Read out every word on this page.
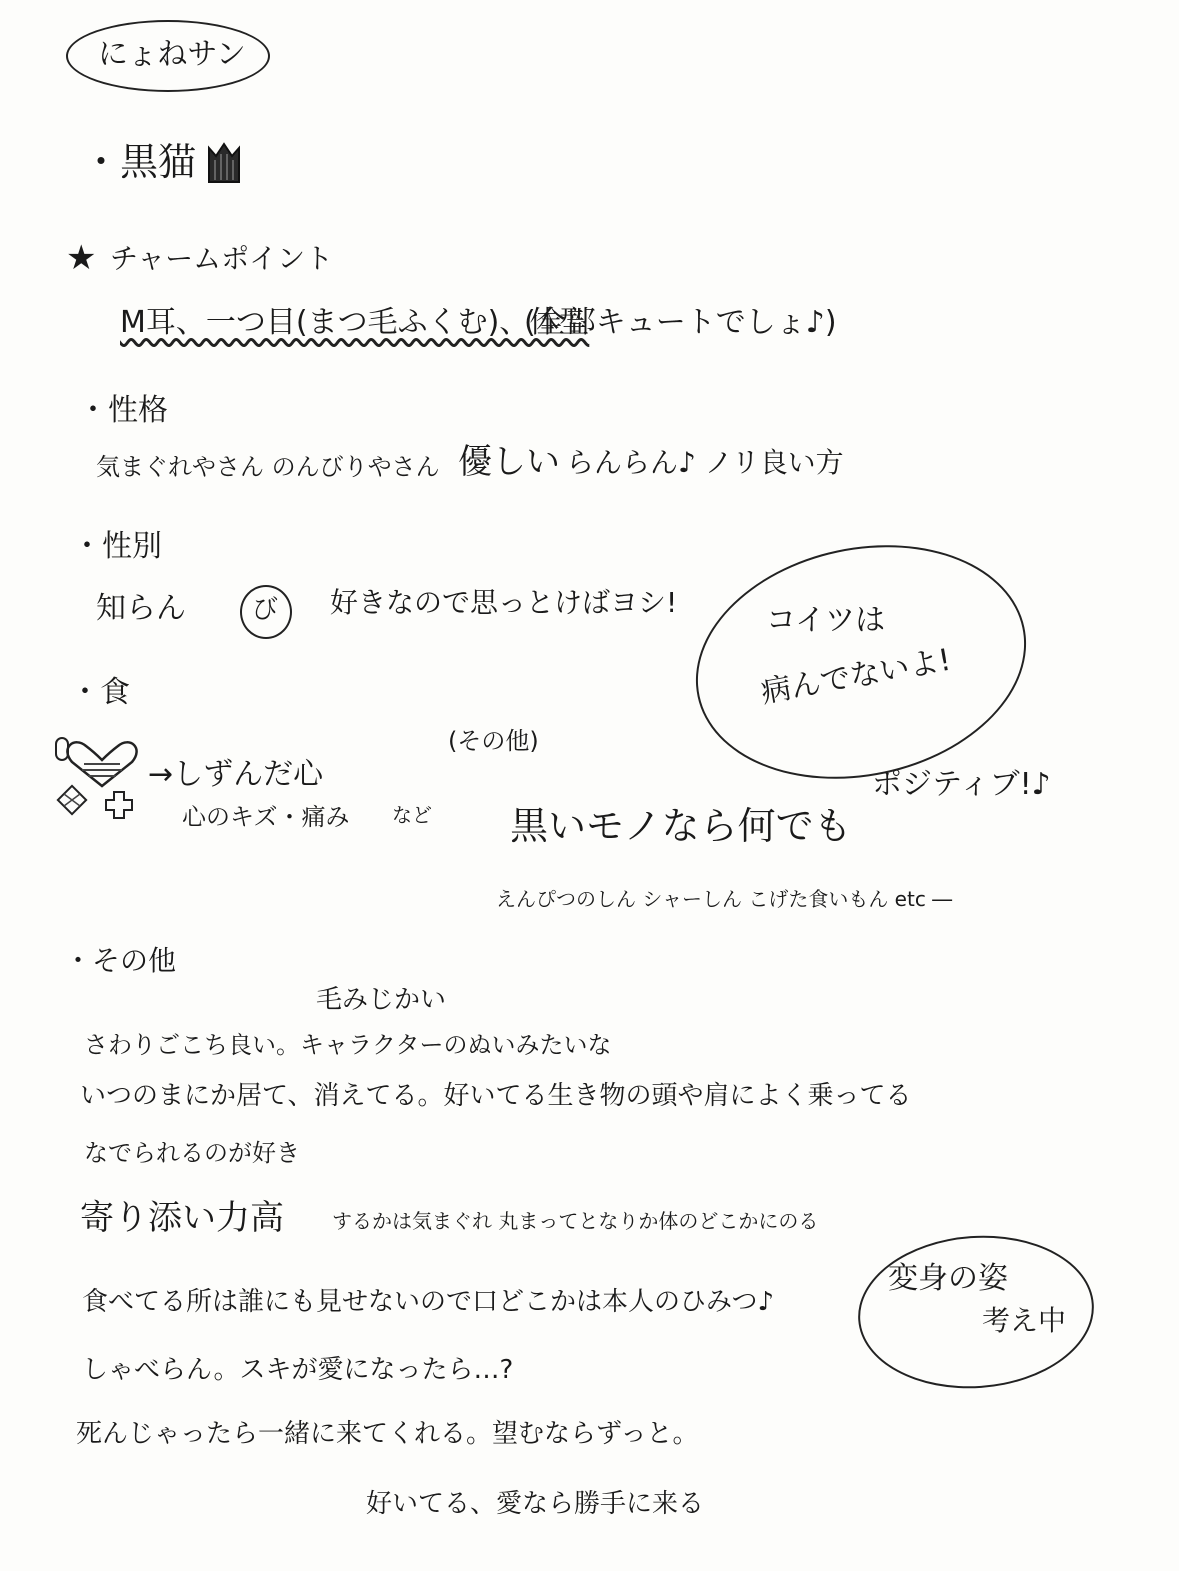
にょねサン
・黒猫
★ チャームポイント
M耳、一つ目(まつ毛ふくむ)、体型
(全部キュートでしょ♪)
・性格
気まぐれやさん のんびりやさん 優しい らんらん♪ ノリ良い方
・性別
知らん	び 好きなので思っとけばヨシ!
コイツは
病んでないよ!
ポジティブ!♪
・食
→しずんだ心
心のキズ・痛み など
(その他)
黒いモノなら何でも
えんぴつのしん シャーしん こげた食いもん etc ―
・その他
毛みじかい
さわりごこち良い。キャラクターのぬいみたいな
いつのまにか居て、消えてる。好いてる生き物の頭や肩によく乗ってる
なでられるのが好き
寄り添い力高 するかは気まぐれ 丸まってとなりか体のどこかにのる
食べてる所は誰にも見せないので口どこかは本人のひみつ♪
しゃべらん。スキが愛になったら…?
死んじゃったら一緒に来てくれる。望むならずっと。
好いてる、愛なら勝手に来る
変身の姿
考え中
